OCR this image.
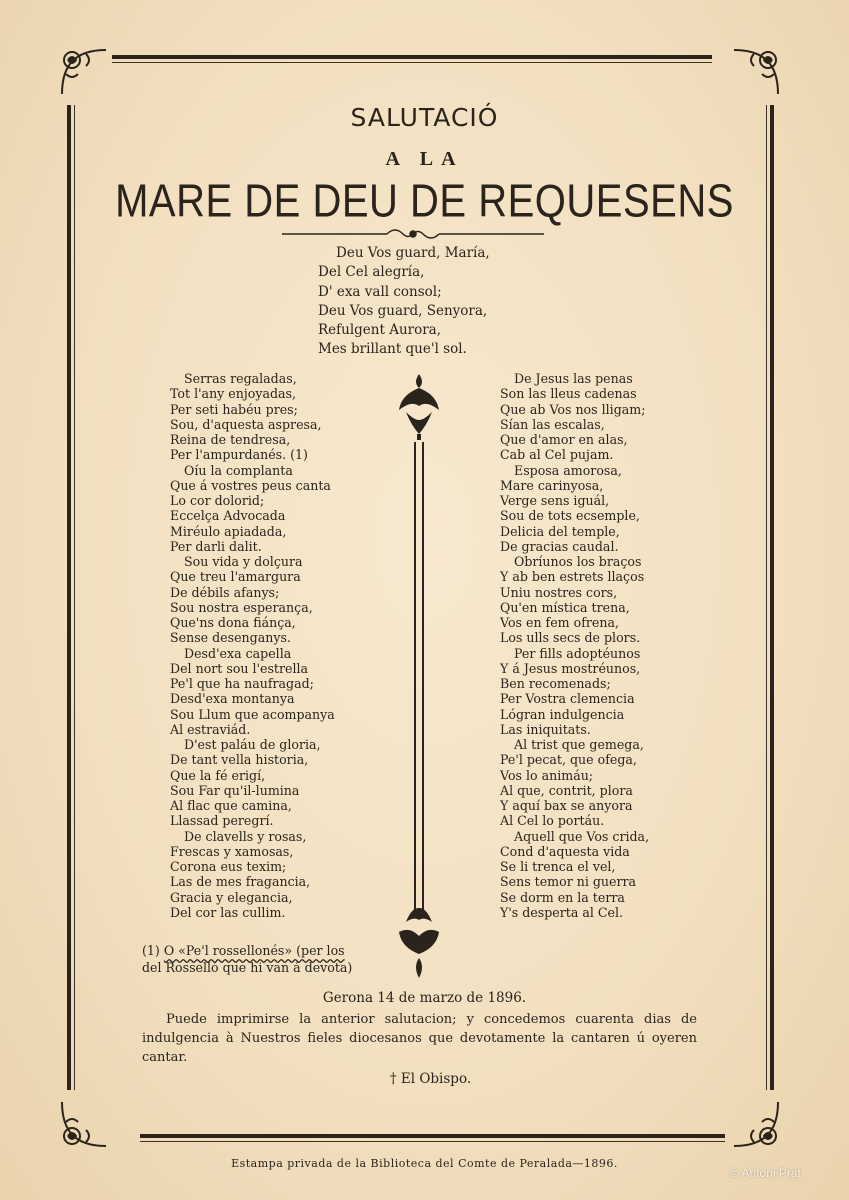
SALUTACIÓ
A LA
MARE DE DEU DE REQUESENS
Deu Vos guard, María,
Del Cel alegría,
D' exa vall consol;
Deu Vos guard, Senyora,
Refulgent Aurora,
Mes brillant que'l sol.
Serras regaladas,
Tot l'any enjoyadas,
Per seti habéu pres;
Sou, d'aquesta aspresa,
Reina de tendresa,
Per l'ampurdanés. (1)
Oíu la complanta
Que á vostres peus canta
Lo cor dolorid;
Eccelça Advocada
Miréulo apiadada,
Per darli dalit.
Sou vida y dolçura
Que treu l'amargura
De débils afanys;
Sou nostra esperança,
Que'ns dona fiánça,
Sense desenganys.
Desd'exa capella
Del nort sou l'estrella
Pe'l que ha naufragad;
Desd'exa montanya
Sou Llum que acompanya
Al estraviád.
D'est paláu de gloria,
De tant vella historia,
Que la fé erigí,
Sou Far qu'il-lumina
Al flac que camina,
Llassad peregrí.
De clavells y rosas,
Frescas y xamosas,
Corona eus texim;
Las de mes fragancia,
Gracia y elegancia,
Del cor las cullim.
De Jesus las penas
Son las lleus cadenas
Que ab Vos nos lligam;
Sían las escalas,
Que d'amor en alas,
Cab al Cel pujam.
Esposa amorosa,
Mare carinyosa,
Verge sens iguál,
Sou de tots ecsemple,
Delicia del temple,
De gracias caudal.
Obríunos los braços
Y ab ben estrets llaços
Uniu nostres cors,
Qu'en mística trena,
Vos en fem ofrena,
Los ulls secs de plors.
Per fills adoptéunos
Y á Jesus mostréunos,
Ben recomenads;
Per Vostra clemencia
Lógran indulgencia
Las iniquitats.
Al trist que gemega,
Pe'l pecat, que ofega,
Vos lo animáu;
Al que, contrit, plora
Y aquí bax se anyora
Al Cel lo portáu.
Aquell que Vos crida,
Cond d'aquesta vida
Se li trenca el vel,
Sens temor ni guerra
Se dorm en la terra
Y's desperta al Cel.
(1) O «Pe'l rossellonés» (per los
del Rosselló que hi van á devota)
Gerona 14 de marzo de 1896.
Puede imprimirse la anterior salutacion; y concedemos cuarenta dias de indulgencia à Nuestros fieles diocesanos que devotamente la cantaren ú oyeren cantar.
† El Obispo.
Estampa privada de la Biblioteca del Comte de Peralada—1896.
© Antoni Prat
